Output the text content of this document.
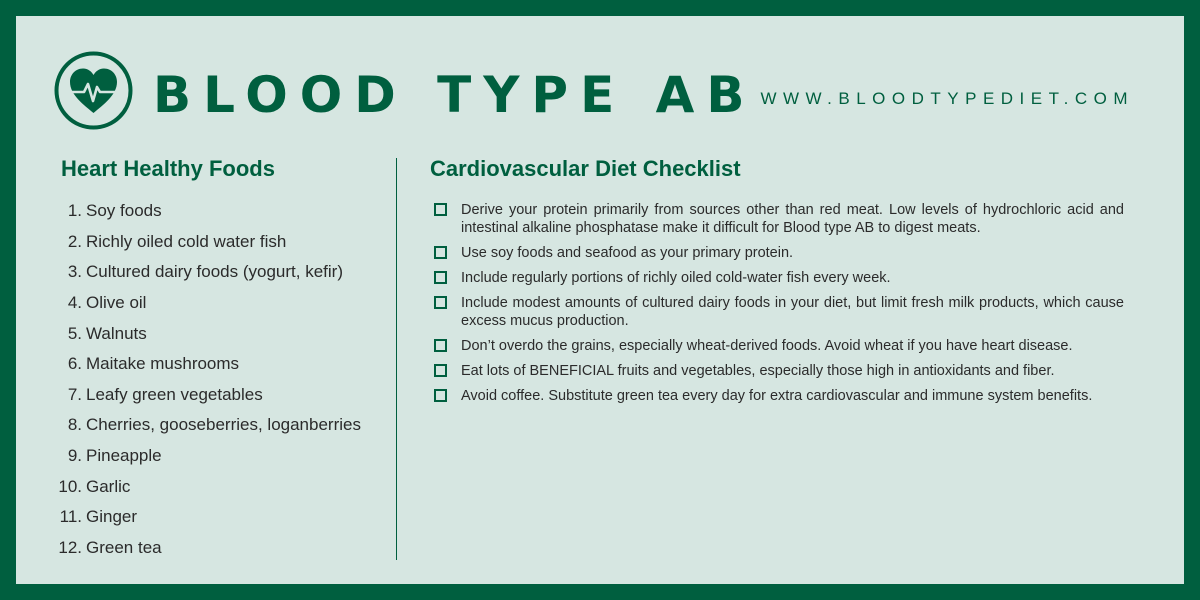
BLOOD TYPE AB WWW.BLOODTYPEDIET.COM
Heart Healthy Foods	Cardiovascular Diet Checklist
1. Soy foods
2. Richly oiled cold water fish
3. Cultured dairy foods (yogurt, kefir)
4. Olive oil
5. Walnuts
6. Maitake mushrooms
7. Leafy green vegetables
8. Cherries, gooseberries, loganberries
9. Pineapple
10. Garlic
11. Ginger
12. Green tea
Derive your protein primarily from sources other than red meat. Low levels of hydrochloric acid and intestinal alkaline phosphatase make it difficult for Blood type AB to digest meats.
Use soy foods and seafood as your primary protein.
Include regularly portions of richly oiled cold-water fish every week.
Include modest amounts of cultured dairy foods in your diet, but limit fresh milk products, which cause excess mucus production.
Don’t overdo the grains, especially wheat-derived foods. Avoid wheat if you have heart disease.
Eat lots of BENEFICIAL fruits and vegetables, especially those high in antioxidants and fiber.
Avoid coffee. Substitute green tea every day for extra cardiovascular and immune system benefits.
